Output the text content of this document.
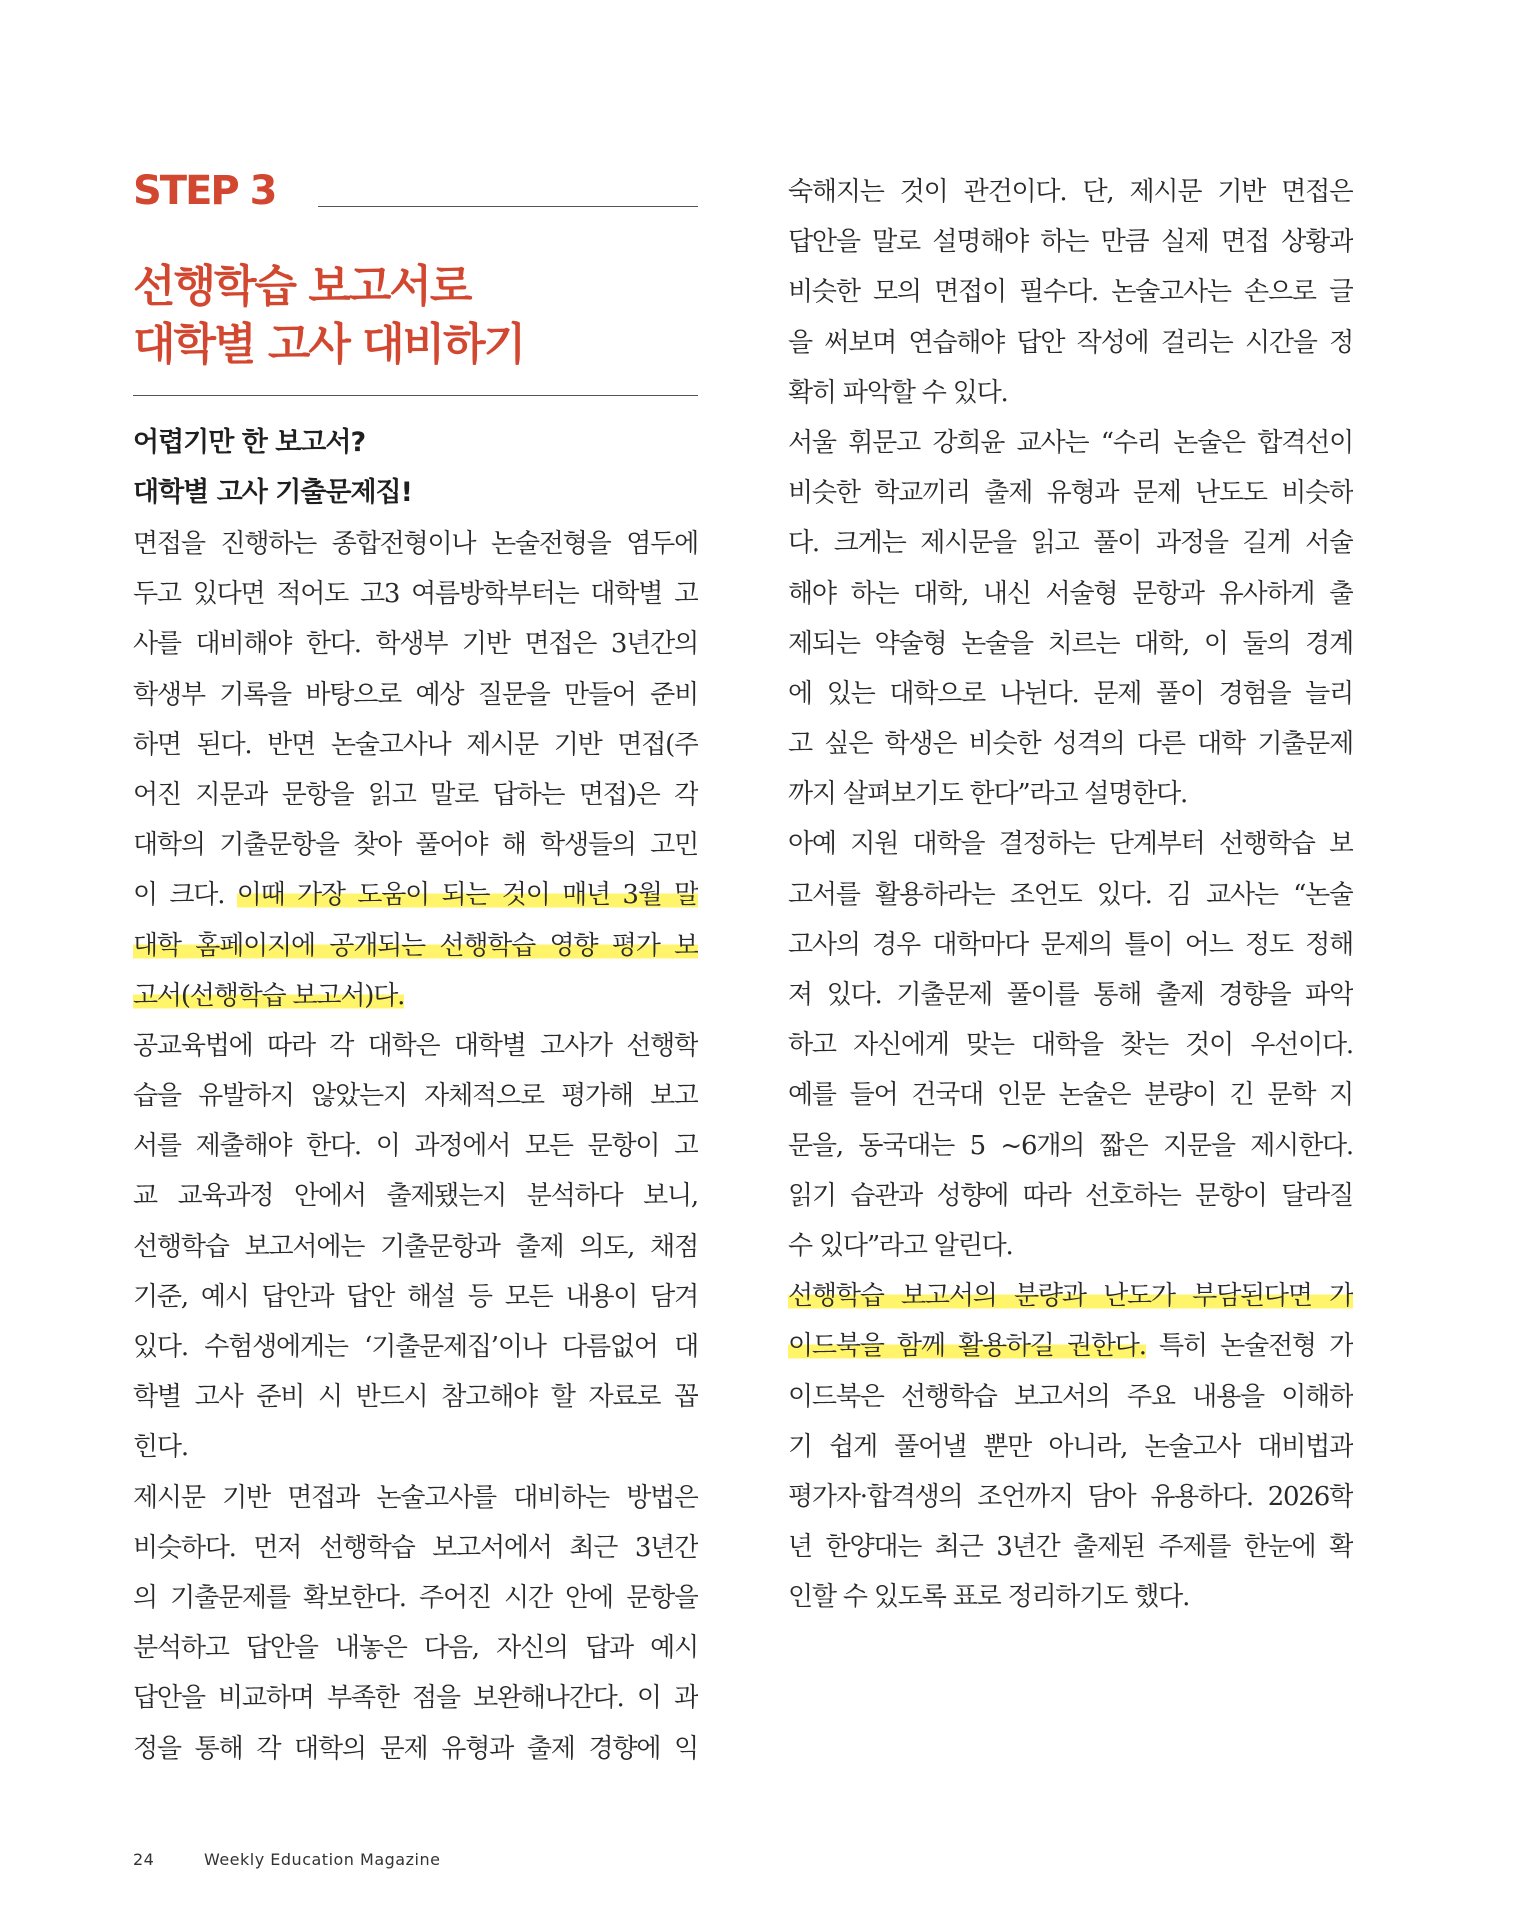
STEP 3
선행학습 보고서로
대학별 고사 대비하기
어렵기만 한 보고서?
대학별 고사 기출문제집!
면접을 진행하는 종합전형이나 논술전형을 염두에
두고 있다면 적어도 고3 여름방학부터는 대학별 고
사를 대비해야 한다. 학생부 기반 면접은 3년간의
학생부 기록을 바탕으로 예상 질문을 만들어 준비
하면 된다. 반면 논술고사나 제시문 기반 면접(주
어진 지문과 문항을 읽고 말로 답하는 면접)은 각
대학의 기출문항을 찾아 풀어야 해 학생들의 고민
이 크다. 이때 가장 도움이 되는 것이 매년 3월 말
대학 홈페이지에 공개되는 선행학습 영향 평가 보
고서(선행학습 보고서)다.
공교육법에 따라 각 대학은 대학별 고사가 선행학
습을 유발하지 않았는지 자체적으로 평가해 보고
서를 제출해야 한다. 이 과정에서 모든 문항이 고
교 교육과정 안에서 출제됐는지 분석하다 보니,
선행학습 보고서에는 기출문항과 출제 의도, 채점
기준, 예시 답안과 답안 해설 등 모든 내용이 담겨
있다. 수험생에게는 ‘기출문제집’이나 다름없어 대
학별 고사 준비 시 반드시 참고해야 할 자료로 꼽
힌다.
제시문 기반 면접과 논술고사를 대비하는 방법은
비슷하다. 먼저 선행학습 보고서에서 최근 3년간
의 기출문제를 확보한다. 주어진 시간 안에 문항을
분석하고 답안을 내놓은 다음, 자신의 답과 예시
답안을 비교하며 부족한 점을 보완해나간다. 이 과
정을 통해 각 대학의 문제 유형과 출제 경향에 익
숙해지는 것이 관건이다. 단, 제시문 기반 면접은
답안을 말로 설명해야 하는 만큼 실제 면접 상황과
비슷한 모의 면접이 필수다. 논술고사는 손으로 글
을 써보며 연습해야 답안 작성에 걸리는 시간을 정
확히 파악할 수 있다.
서울 휘문고 강희윤 교사는 “수리 논술은 합격선이
비슷한 학교끼리 출제 유형과 문제 난도도 비슷하
다. 크게는 제시문을 읽고 풀이 과정을 길게 서술
해야 하는 대학, 내신 서술형 문항과 유사하게 출
제되는 약술형 논술을 치르는 대학, 이 둘의 경계
에 있는 대학으로 나뉜다. 문제 풀이 경험을 늘리
고 싶은 학생은 비슷한 성격의 다른 대학 기출문제
까지 살펴보기도 한다”라고 설명한다.
아예 지원 대학을 결정하는 단계부터 선행학습 보
고서를 활용하라는 조언도 있다. 김 교사는 “논술
고사의 경우 대학마다 문제의 틀이 어느 정도 정해
져 있다. 기출문제 풀이를 통해 출제 경향을 파악
하고 자신에게 맞는 대학을 찾는 것이 우선이다.
예를 들어 건국대 인문 논술은 분량이 긴 문학 지
문을, 동국대는 5 ~6개의 짧은 지문을 제시한다.
읽기 습관과 성향에 따라 선호하는 문항이 달라질
수 있다”라고 알린다.
선행학습 보고서의 분량과 난도가 부담된다면 가
이드북을 함께 활용하길 권한다. 특히 논술전형 가
이드북은 선행학습 보고서의 주요 내용을 이해하
기 쉽게 풀어낼 뿐만 아니라, 논술고사 대비법과
평가자·합격생의 조언까지 담아 유용하다. 2026학
년 한양대는 최근 3년간 출제된 주제를 한눈에 확
인할 수 있도록 표로 정리하기도 했다.
24	Weekly Education Magazine
